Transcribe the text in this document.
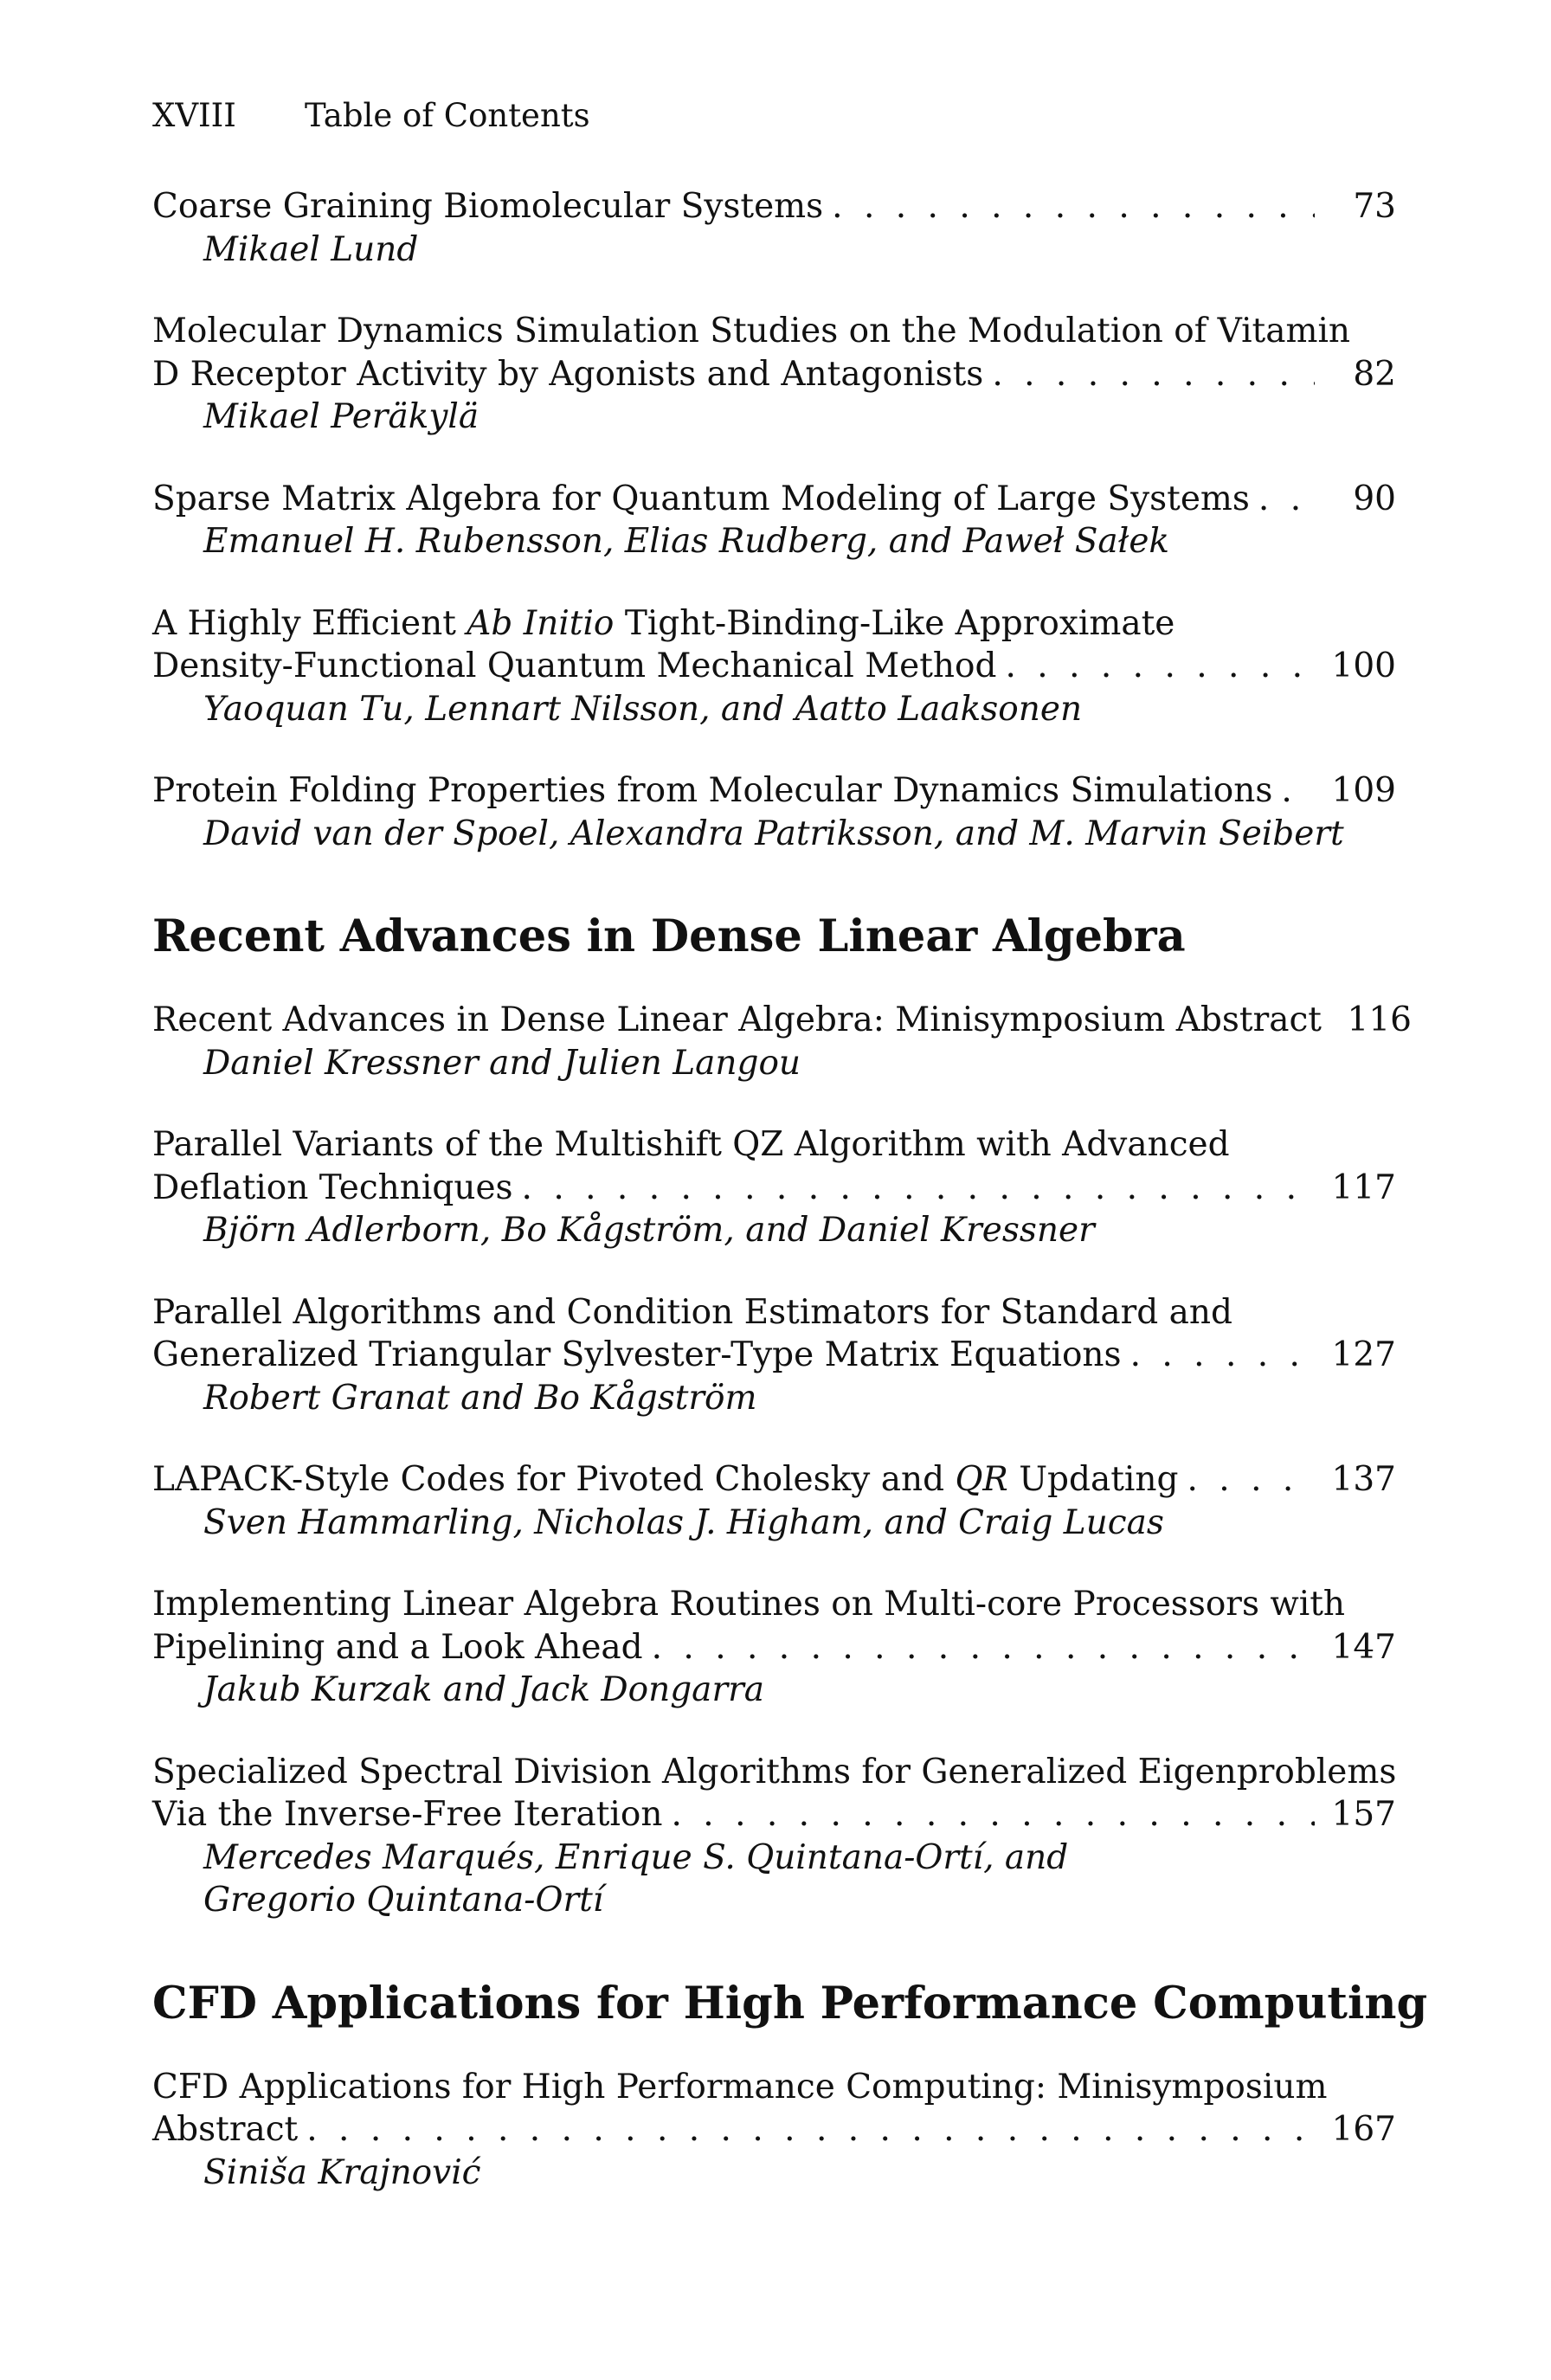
XVIII Table of Contents
Coarse Graining Biomolecular Systems . . .	73
Mikael Lund
Molecular Dynamics Simulation Studies on the Modulation of Vitamin
D Receptor Activity by Agonists and Antagonists . . .	82
Mikael Peräkylä
Sparse Matrix Algebra for Quantum Modeling of Large Systems . . .	90
Emanuel H. Rubensson, Elias Rudberg, and Paweł Sałek
A Highly Efficient Ab Initio Tight-Binding-Like Approximate
Density-Functional Quantum Mechanical Method . . .	100
Yaoquan Tu, Lennart Nilsson, and Aatto Laaksonen
Protein Folding Properties from Molecular Dynamics Simulations . . .	109
David van der Spoel, Alexandra Patriksson, and M. Marvin Seibert
Recent Advances in Dense Linear Algebra
Recent Advances in Dense Linear Algebra: Minisymposium Abstract 116
Daniel Kressner and Julien Langou
Parallel Variants of the Multishift QZ Algorithm with Advanced
Deflation Techniques . . .	117
Björn Adlerborn, Bo Kågström, and Daniel Kressner
Parallel Algorithms and Condition Estimators for Standard and
Generalized Triangular Sylvester-Type Matrix Equations . . .	127
Robert Granat and Bo Kågström
LAPACK-Style Codes for Pivoted Cholesky and QR Updating . . .	137
Sven Hammarling, Nicholas J. Higham, and Craig Lucas
Implementing Linear Algebra Routines on Multi-core Processors with
Pipelining and a Look Ahead . . .	147
Jakub Kurzak and Jack Dongarra
Specialized Spectral Division Algorithms for Generalized Eigenproblems
Via the Inverse-Free Iteration . . .	157
Mercedes Marqués, Enrique S. Quintana-Ortí, and
Gregorio Quintana-Ortí
CFD Applications for High Performance Computing
CFD Applications for High Performance Computing: Minisymposium
Abstract . . .	167
Siniša Krajnović
